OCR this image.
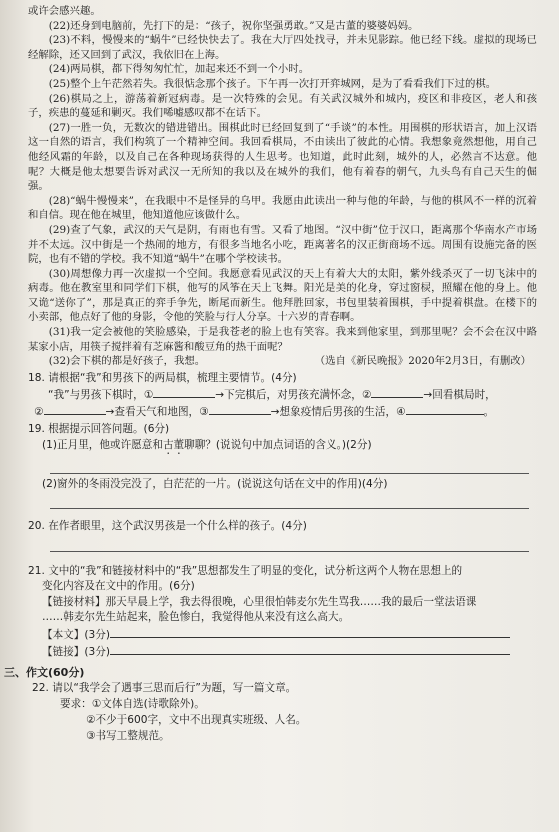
或许会感兴趣。

(22)还身到电脑前，先打下的是：“孩子，祝你坚强勇敢。”又是古董的婆婆妈妈。

(23)不料，慢慢来的“蜗牛”已经快快去了。我在大厅四处找寻，并未见影踪。他已经下线。虚拟的现场已经解除，还又回到了武汉，我依旧在上海。

(24)两局棋，都下得匆匆忙忙，加起来还不到一个小时。

(25)整个上午茫然若失。我很惦念那个孩子。下午再一次打开弈城网，是为了看看我们下过的棋。

(26)棋局之上，游荡着新冠病毒。是一次特殊的会见。有关武汉城外和城内，疫区和非疫区，老人和孩子，疾患的蔓延和剿灭。我们唏嘘感叹都不在话下。

(27)一胜一负，无数次的错进错出。围棋此时已经回复到了“手谈”的本性。用围棋的形状语言，加上汉语这一自然的语言，我们构筑了一个精神空间。我回看棋局，不由读出了彼此的心情。我想象竟然想他，用自己他经风霜的年龄，以及自己在各种现场获得的人生思考。也知道，此时此刻，城外的人，必然言不达意。他呢？大概是他太想要告诉对武汉一无所知的我以及在城外的我们，他有着春的朝气，九头鸟有自己天生的倔强。

(28)“蜗牛慢慢来”，在我眼中不是怪异的乌甲。我愿由此读出一种与他的年龄，与他的棋风不一样的沉着和自信。现在他在城里，他知道他应该做什么。

(29)查了气象，武汉的天气是阴，有雨也有雪。又看了地图。“汉中街”位于汉口，距离那个华南水产市场并不太远。汉中街是一个热闹的地方，有很多当地名小吃，距离著名的汉正街商场不远。周围有设施完备的医院，也有不错的学校。我不知道“蜗牛”在哪个学校读书。

(30)周想像力再一次虚拟一个空间。我愿意看见武汉的天上有着大大的太阳，紫外线杀灭了一切飞沫中的病毒。他在教室里和同学们下棋，他写的风筝在天上飞舞。阳光是美的化身，穿过窗棂，照耀在他的身上。他又诡“送你了”，那是真正的弈手争先，断尾而新生。他拜胜回家，书包里装着围棋，手中提着棋盘。在楼下的小卖部，他点好了他的身影，令他的笑脸与行人分享。十六岁的青春啊。

(31)我一定会被他的笑脸感染，于是我苍老的脸上也有笑容。我来到他家里，到那里呢？会不会在汉中路某家小店，用筷子搅拌着有芝麻酱和酸豆角的热干面呢？

(32)会下棋的都是好孩子，我想。	（选自《新民晚报》2020年2月3日，有删改）

18. 请根据“我”和男孩下的两局棋，梳理主要情节。(4分)

“我”与男孩下棋时，①	→下完棋后，对男孩充满怀念，②	→回看棋局时，

②	→查看天气和地图，③	→想象疫情后男孩的生活，④	。

19. 根据提示回答问题。(6分)

(1)正月里，他或许愿意和古董聊聊？(说说句中加点词语的含义。)(2分)

(2)窗外的冬雨没完没了，白茫茫的一片。(说说这句话在文中的作用)(4分)

20. 在作者眼里，这个武汉男孩是一个什么样的孩子。(4分)

21. 文中的“我”和链接材料中的“我”思想都发生了明显的变化，试分析这两个人物在思想上的

变化内容及在文中的作用。(6分)

【链接材料】那天早晨上学，我去得很晚，心里很怕韩麦尔先生骂我……我的最后一堂法语课

……韩麦尔先生站起来，脸色惨白，我觉得他从来没有这么高大。

【本文】(3分)

【链接】(3分)

三、作文(60分)

22. 请以“我学会了遇事三思而后行”为题，写一篇文章。

要求：①文体自选(诗歌除外)。

②不少于600字，文中不出现真实班级、人名。

③书写工整规范。
